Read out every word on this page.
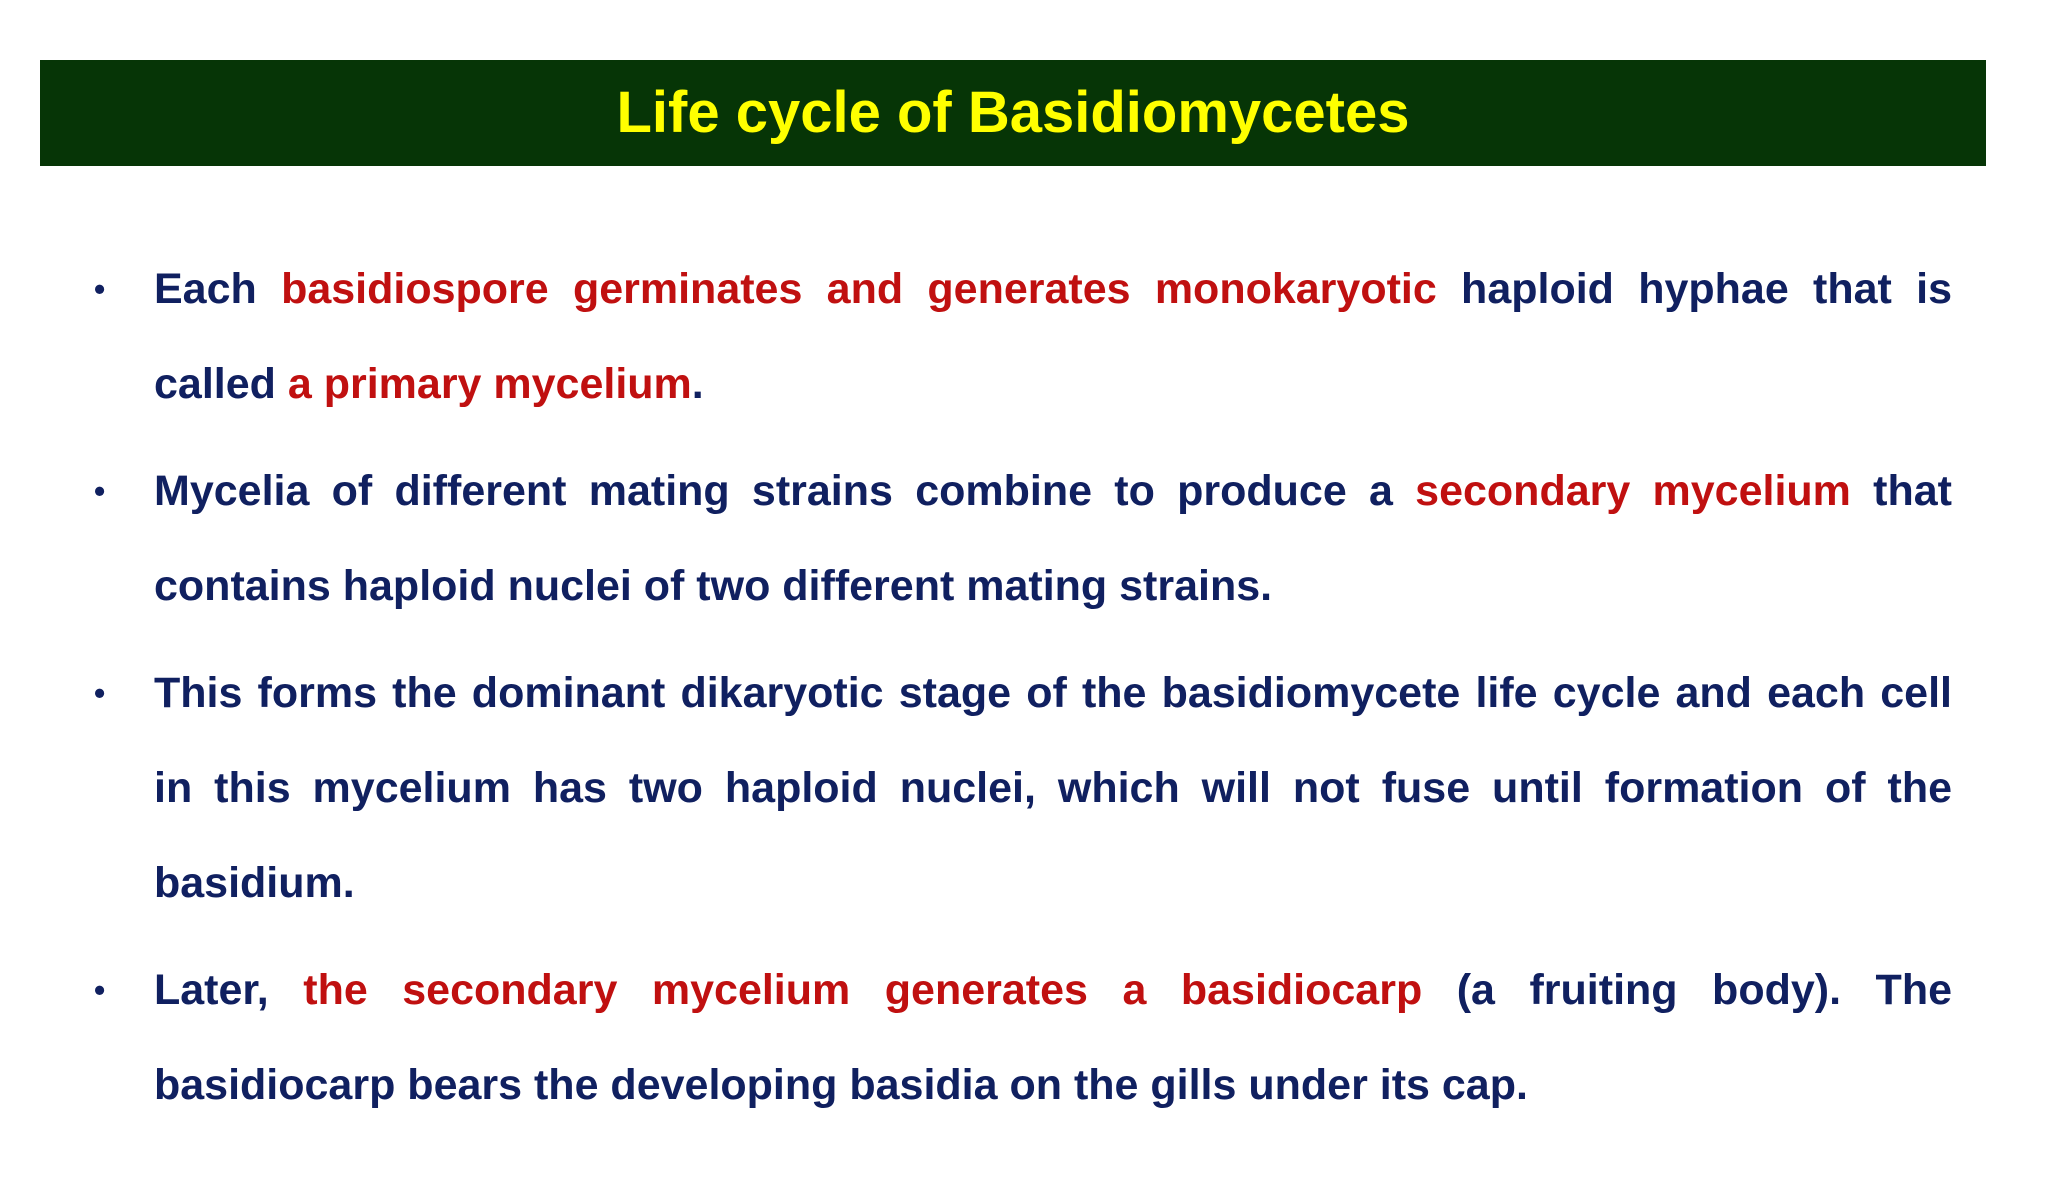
Life cycle of Basidiomycetes
• Each basidiospore germinates and generates monokaryotic haploid hyphae that is called a primary mycelium.
• Mycelia of different mating strains combine to produce a secondary mycelium that contains haploid nuclei of two different mating strains.
• This forms the dominant dikaryotic stage of the basidiomycete life cycle and each cell in this mycelium has two haploid nuclei, which will not fuse until formation of the basidium.
• Later, the secondary mycelium generates a basidiocarp (a fruiting body). The basidiocarp bears the developing basidia on the gills under its cap.
